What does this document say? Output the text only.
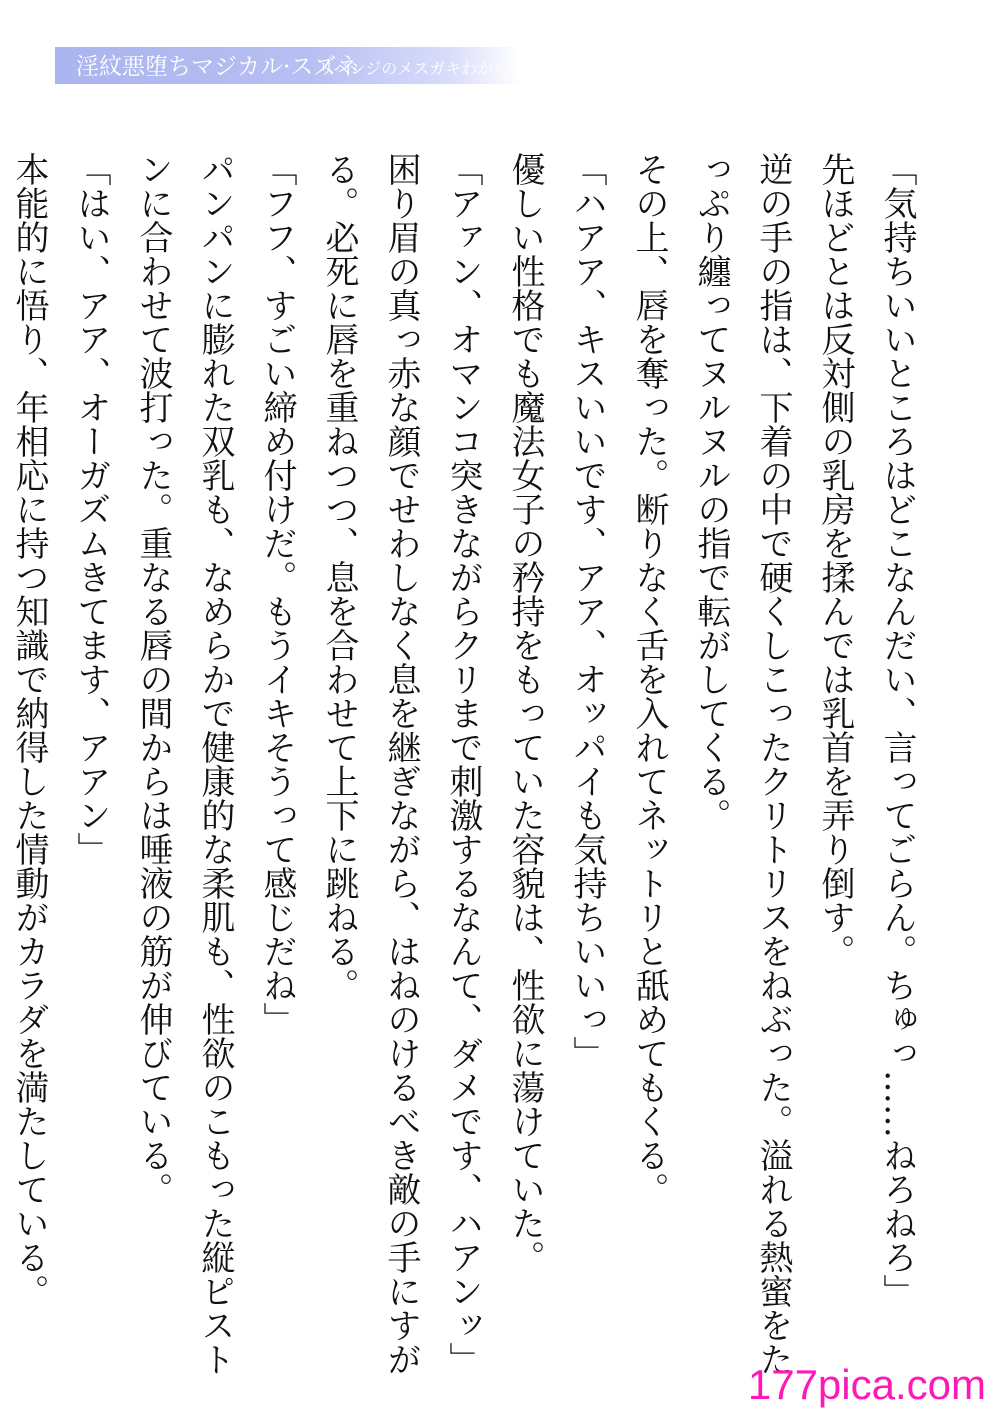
淫紋悪堕ちマジカル·スズネ
リベンジのメスガキわからせ

「気持ちいいところはどこなんだい、言ってごらん。ちゅっ……ねろねろ」

先ほどとは反対側の乳房を揉んでは乳首を弄り倒す。

逆の手の指は、下着の中で硬くしこったクリトリスをねぶった。溢れる熱蜜をたっぷり纏ってヌルヌルの指で転がしてくる。

その上、唇を奪った。断りなく舌を入れてネットリと舐めてもくる。

「ハアア、キスいいです、アア、オッパイも気持ちいいっ」

優しい性格でも魔法女子の矜持をもっていた容貌は、性欲に蕩けていた。

「アァン、オマンコ突きながらクリまで刺激するなんて、ダメです、ハアンッ」

困り眉の真っ赤な顔でせわしなく息を継ぎながら、はねのけるべき敵の手にすがる。必死に唇を重ねつつ、息を合わせて上下に跳ねる。

「フフ、すごい締め付けだ。もうイキそうって感じだね」

パンパンに膨れた双乳も、なめらかで健康的な柔肌も、性欲のこもった縦ピストンに合わせて波打った。重なる唇の間からは唾液の筋が伸びている。

「はい、アア、オーガズムきてます、アアン」

本能的に悟り、年相応に持つ知識で納得した情動がカラダを満たしている。

177pica.com
